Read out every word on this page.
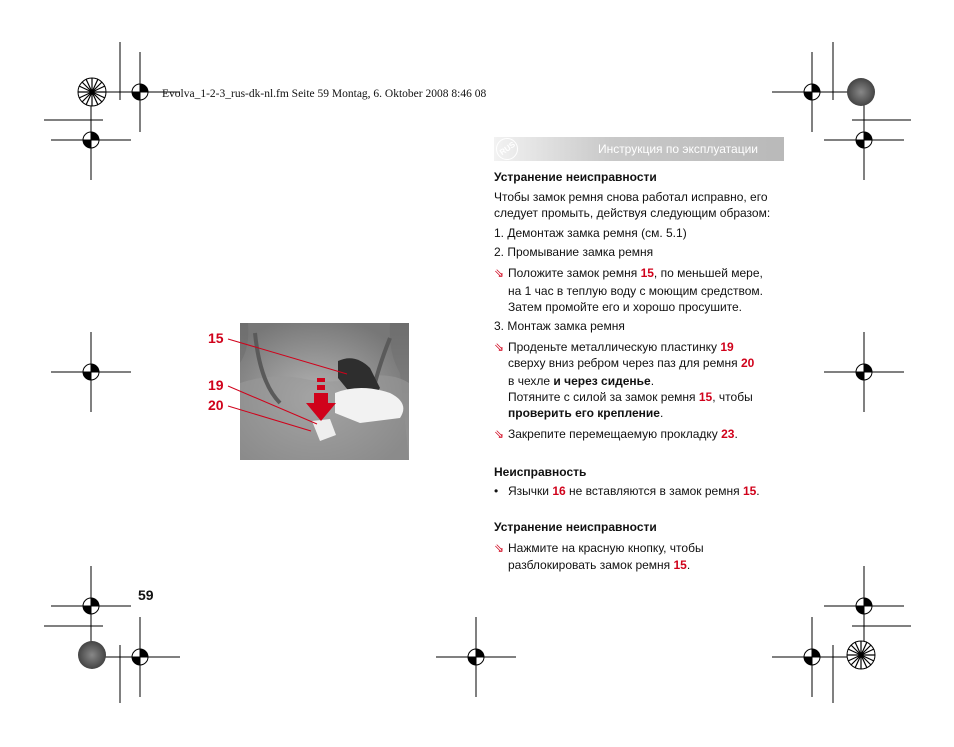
Evolva_1-2-3_rus-dk-nl.fm Seite 59 Montag, 6. Oktober 2008 8:46 08
RUS	Инструкция по эксплуатации
Устранение неисправности
Чтобы замок ремня снова работал исправно, его
следует промыть, действуя следующим образом:
1. Демонтаж замка ремня (см. 5.1)
2. Промывание замка ремня
⇘ Положите замок ремня 15, по меньшей мере,
на 1 час в теплую воду с моющим средством.
Затем промойте его и хорошо просушите.
3. Монтаж замка ремня
⇘ Проденьте металлическую пластинку 19
сверху вниз ребром через паз для ремня 20
в чехле и через сиденье.
Потяните с силой за замок ремня 15, чтобы
проверить его крепление.
⇘ Закрепите перемещаемую прокладку 23.
Неисправность
• Язычки 16 не вставляются в замок ремня 15.
Устранение неисправности
⇘ Нажмите на красную кнопку, чтобы
разблокировать замок ремня 15.
15
19
20
59
